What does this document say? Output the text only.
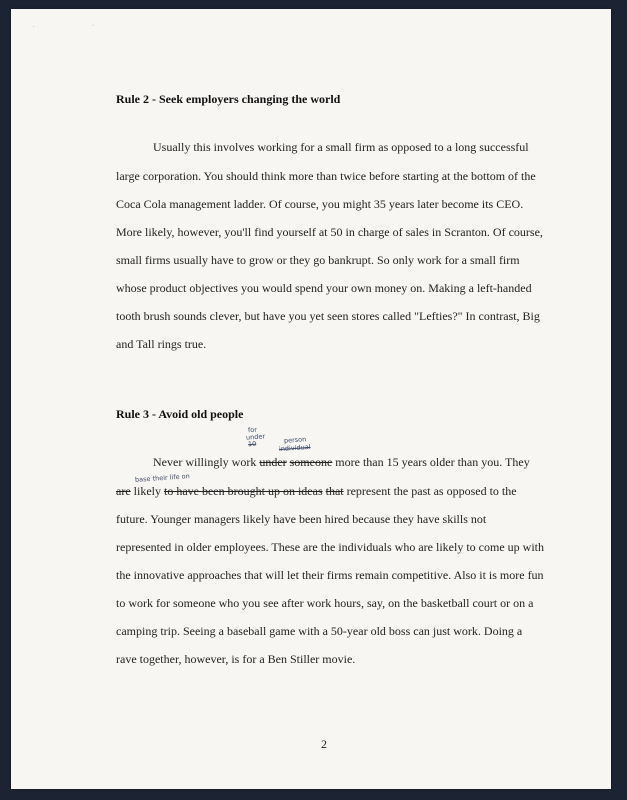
. ·

Rule 2 - Seek employers changing the world

Usually this involves working for a small firm as opposed to a long successful

large corporation. You should think more than twice before starting at the bottom of the

Coca Cola management ladder. Of course, you might 35 years later become its CEO.

More likely, however, you'll find yourself at 50 in charge of sales in Scranton. Of course,

small firms usually have to grow or they go bankrupt. So only work for a small firm

whose product objectives you would spend your own money on. Making a left-handed

tooth brush sounds clever, but have you yet seen stores called "Lefties?" In contrast, Big

and Tall rings true.

Rule 3 - Avoid old people

for
under
10	person
individual
base their life on

Never willingly work under someone more than 15 years older than you. They

are likely to have been brought up on ideas that represent the past as opposed to the

future. Younger managers likely have been hired because they have skills not

represented in older employees. These are the individuals who are likely to come up with

the innovative approaches that will let their firms remain competitive. Also it is more fun

to work for someone who you see after work hours, say, on the basketball court or on a

camping trip. Seeing a baseball game with a 50-year old boss can just work. Doing a

rave together, however, is for a Ben Stiller movie.

2
